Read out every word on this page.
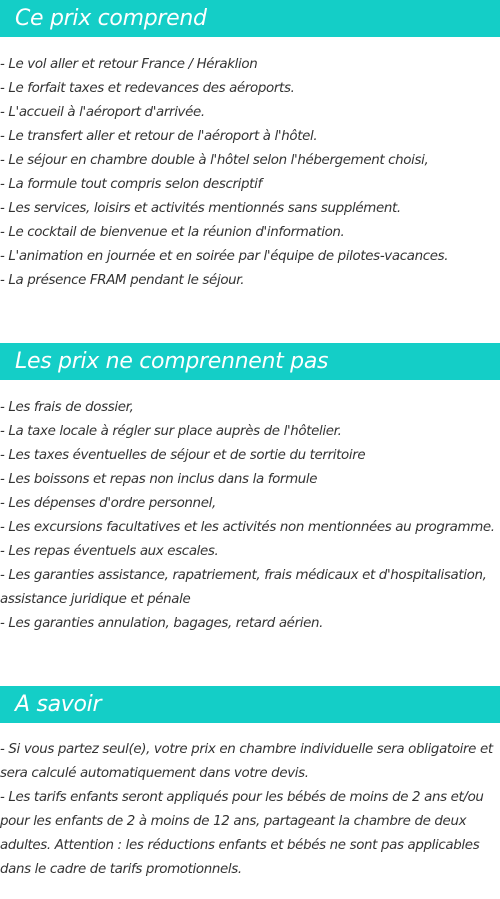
Ce prix comprend
- Le vol aller et retour France / Héraklion
- Le forfait taxes et redevances des aéroports.
- L'accueil à l'aéroport d'arrivée.
- Le transfert aller et retour de l'aéroport à l'hôtel.
- Le séjour en chambre double à l'hôtel selon l'hébergement choisi,
- La formule tout compris selon descriptif
- Les services, loisirs et activités mentionnés sans supplément.
- Le cocktail de bienvenue et la réunion d'information.
- L'animation en journée et en soirée par l'équipe de pilotes-vacances.
- La présence FRAM pendant le séjour.
Les prix ne comprennent pas
- Les frais de dossier,
- La taxe locale à régler sur place auprès de l'hôtelier.
- Les taxes éventuelles de séjour et de sortie du territoire
- Les boissons et repas non inclus dans la formule
- Les dépenses d'ordre personnel,
- Les excursions facultatives et les activités non mentionnées au programme.
- Les repas éventuels aux escales.
- Les garanties assistance, rapatriement, frais médicaux et d'hospitalisation, assistance juridique et pénale
- Les garanties annulation, bagages, retard aérien.
A savoir
- Si vous partez seul(e), votre prix en chambre individuelle sera obligatoire et sera calculé automatiquement dans votre devis.
- Les tarifs enfants seront appliqués pour les bébés de moins de 2 ans et/ou pour les enfants de 2 à moins de 12 ans, partageant la chambre de deux adultes. Attention : les réductions enfants et bébés ne sont pas applicables dans le cadre de tarifs promotionnels.
